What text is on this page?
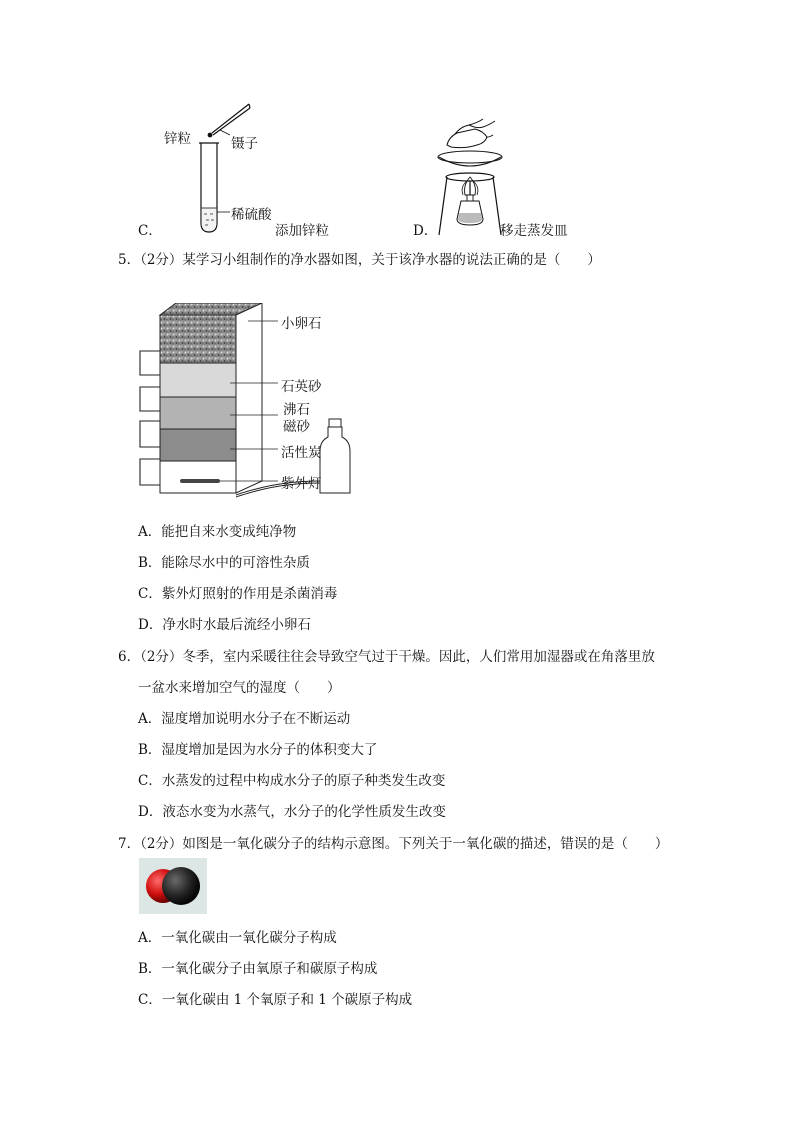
锌粒	镊子
稀硫酸
C．	添加锌粒	D．	移走蒸发皿
5．（2分）某学习小组制作的净水器如图，关于该净水器的说法正确的是（　　）
小卵石
石英砂
沸石
磁砂
活性炭
紫外灯
A．能把自来水变成纯净物
B．能除尽水中的可溶性杂质
C．紫外灯照射的作用是杀菌消毒
D．净水时水最后流经小卵石
6．（2分）冬季，室内采暖往往会导致空气过于干燥。因此，人们常用加湿器或在角落里放
一盆水来增加空气的湿度（　　）
A．湿度增加说明水分子在不断运动
B．湿度增加是因为水分子的体积变大了
C．水蒸发的过程中构成水分子的原子种类发生改变
D．液态水变为水蒸气，水分子的化学性质发生改变
7．（2分）如图是一氧化碳分子的结构示意图。下列关于一氧化碳的描述，错误的是（　　）
A．一氧化碳由一氧化碳分子构成
B．一氧化碳分子由氧原子和碳原子构成
C．一氧化碳由 1 个氧原子和 1 个碳原子构成
